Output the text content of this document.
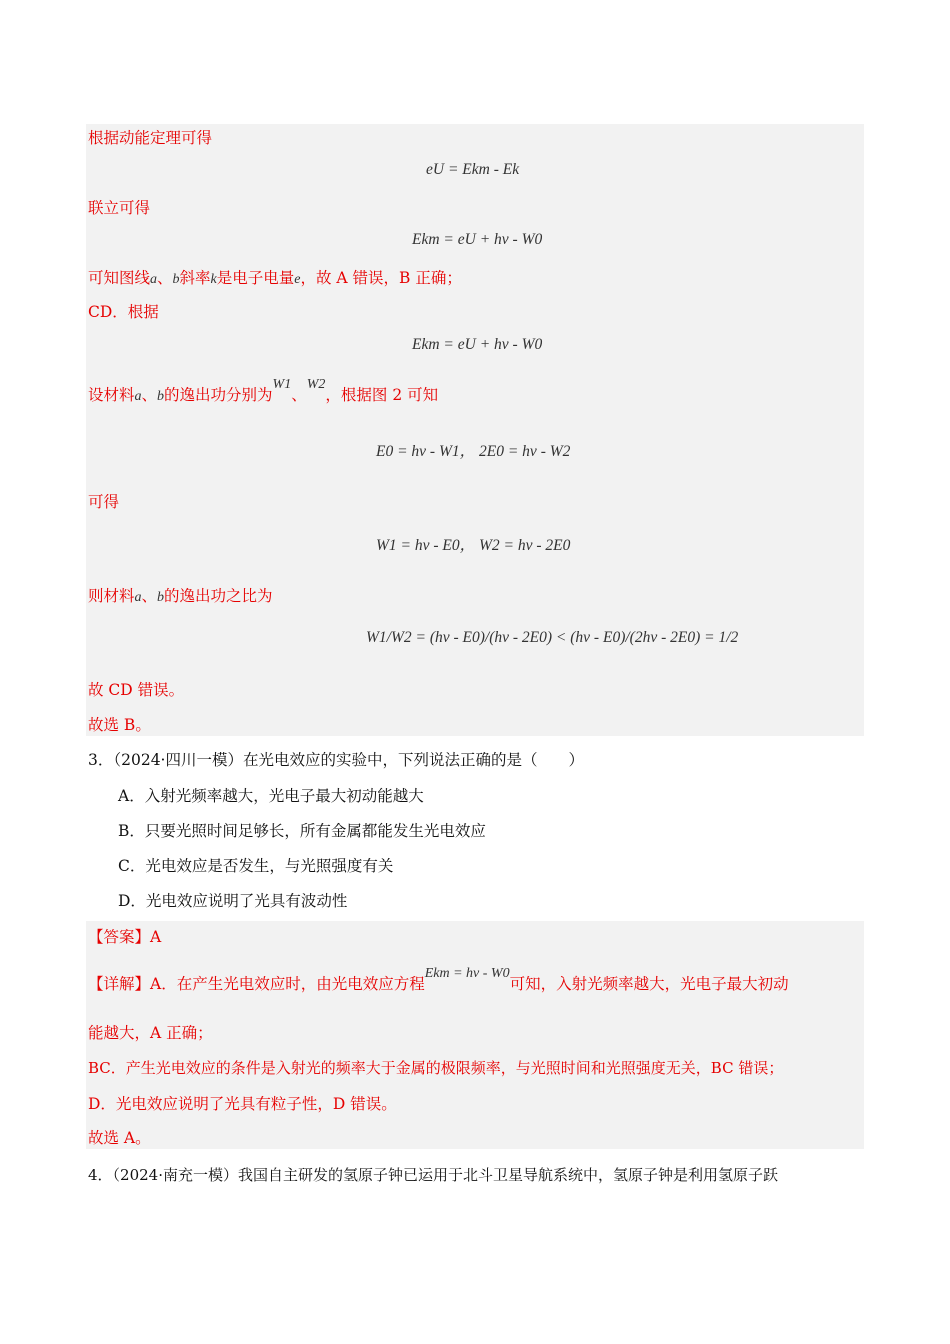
根据动能定理可得
eU = Ekm - Ek
联立可得
Ekm = eU + hν - W0
可知图线a、b斜率k是电子电量e，故 A 错误，B 正确；
CD．根据
Ekm = eU + hν - W0
设材料a、b的逸出功分别为W1、W2，根据图 2 可知
E0 = hν - W1， 2E0 = hν - W2
可得
W1 = hν - E0， W2 = hν - 2E0
则材料a、b的逸出功之比为
W1/W2 = (hν - E0)/(hν - 2E0) < (hν - E0)/(2hν - 2E0) = 1/2
故 CD 错误。
故选 B。
3．（2024·四川一模）在光电效应的实验中，下列说法正确的是（　　）
A．入射光频率越大，光电子最大初动能越大
B．只要光照时间足够长，所有金属都能发生光电效应
C．光电效应是否发生，与光照强度有关
D．光电效应说明了光具有波动性
【答案】A
【详解】A．在产生光电效应时，由光电效应方程Ekm = hν - W0可知，入射光频率越大，光电子最大初动
能越大，A 正确；
BC．产生光电效应的条件是入射光的频率大于金属的极限频率，与光照时间和光照强度无关，BC 错误；
D．光电效应说明了光具有粒子性，D 错误。
故选 A。
4．（2024·南充一模）我国自主研发的氢原子钟已运用于北斗卫星导航系统中，氢原子钟是利用氢原子跃
